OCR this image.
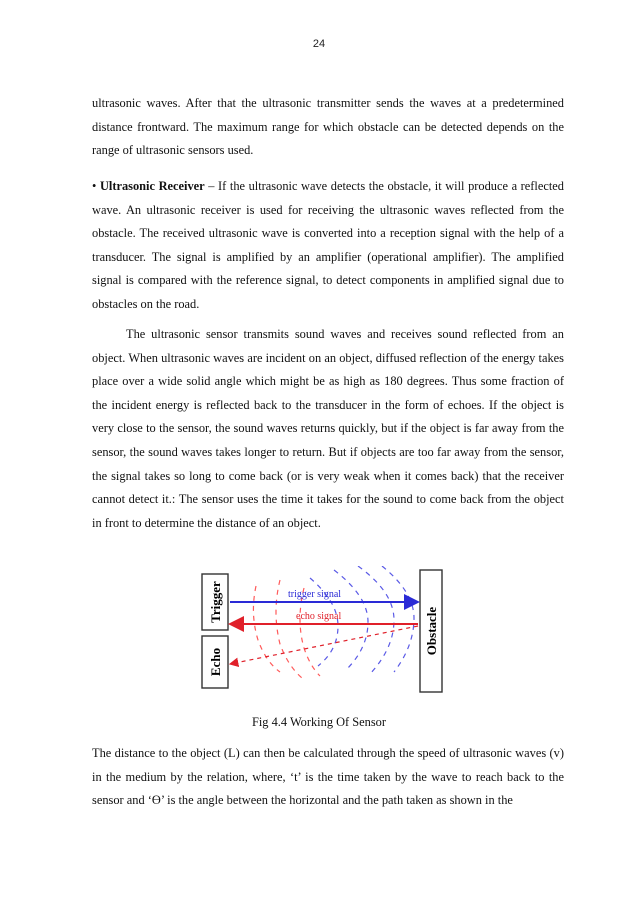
24

ultrasonic waves. After that the ultrasonic transmitter sends the waves at a predetermined distance frontward. The maximum range for which obstacle can be detected depends on the range of ultrasonic sensors used.

• Ultrasonic Receiver – If the ultrasonic wave detects the obstacle, it will produce a reflected wave. An ultrasonic receiver is used for receiving the ultrasonic waves reflected from the obstacle. The received ultrasonic wave is converted into a reception signal with the help of a transducer. The signal is amplified by an amplifier (operational amplifier). The amplified signal is compared with the reference signal, to detect components in amplified signal due to obstacles on the road.

The ultrasonic sensor transmits sound waves and receives sound reflected from an object. When ultrasonic waves are incident on an object, diffused reflection of the energy takes place over a wide solid angle which might be as high as 180 degrees. Thus some fraction of the incident energy is reflected back to the transducer in the form of echoes. If the object is very close to the sensor, the sound waves returns quickly, but if the object is far away from the sensor, the sound waves takes longer to return. But if objects are too far away from the sensor, the signal takes so long to come back (or is very weak when it comes back) that the receiver cannot detect it.: The sensor uses the time it takes for the sound to come back from the object in front to determine the distance of an object.

Trigger
Echo
Obstacle
trigger signal
echo signal
Fig 4.4 Working Of Sensor

The distance to the object (L) can then be calculated through the speed of ultrasonic waves (v) in the medium by the relation, where, ‘t’ is the time taken by the wave to reach back to the sensor and ‘Ɵ’ is the angle between the horizontal and the path taken as shown in the
